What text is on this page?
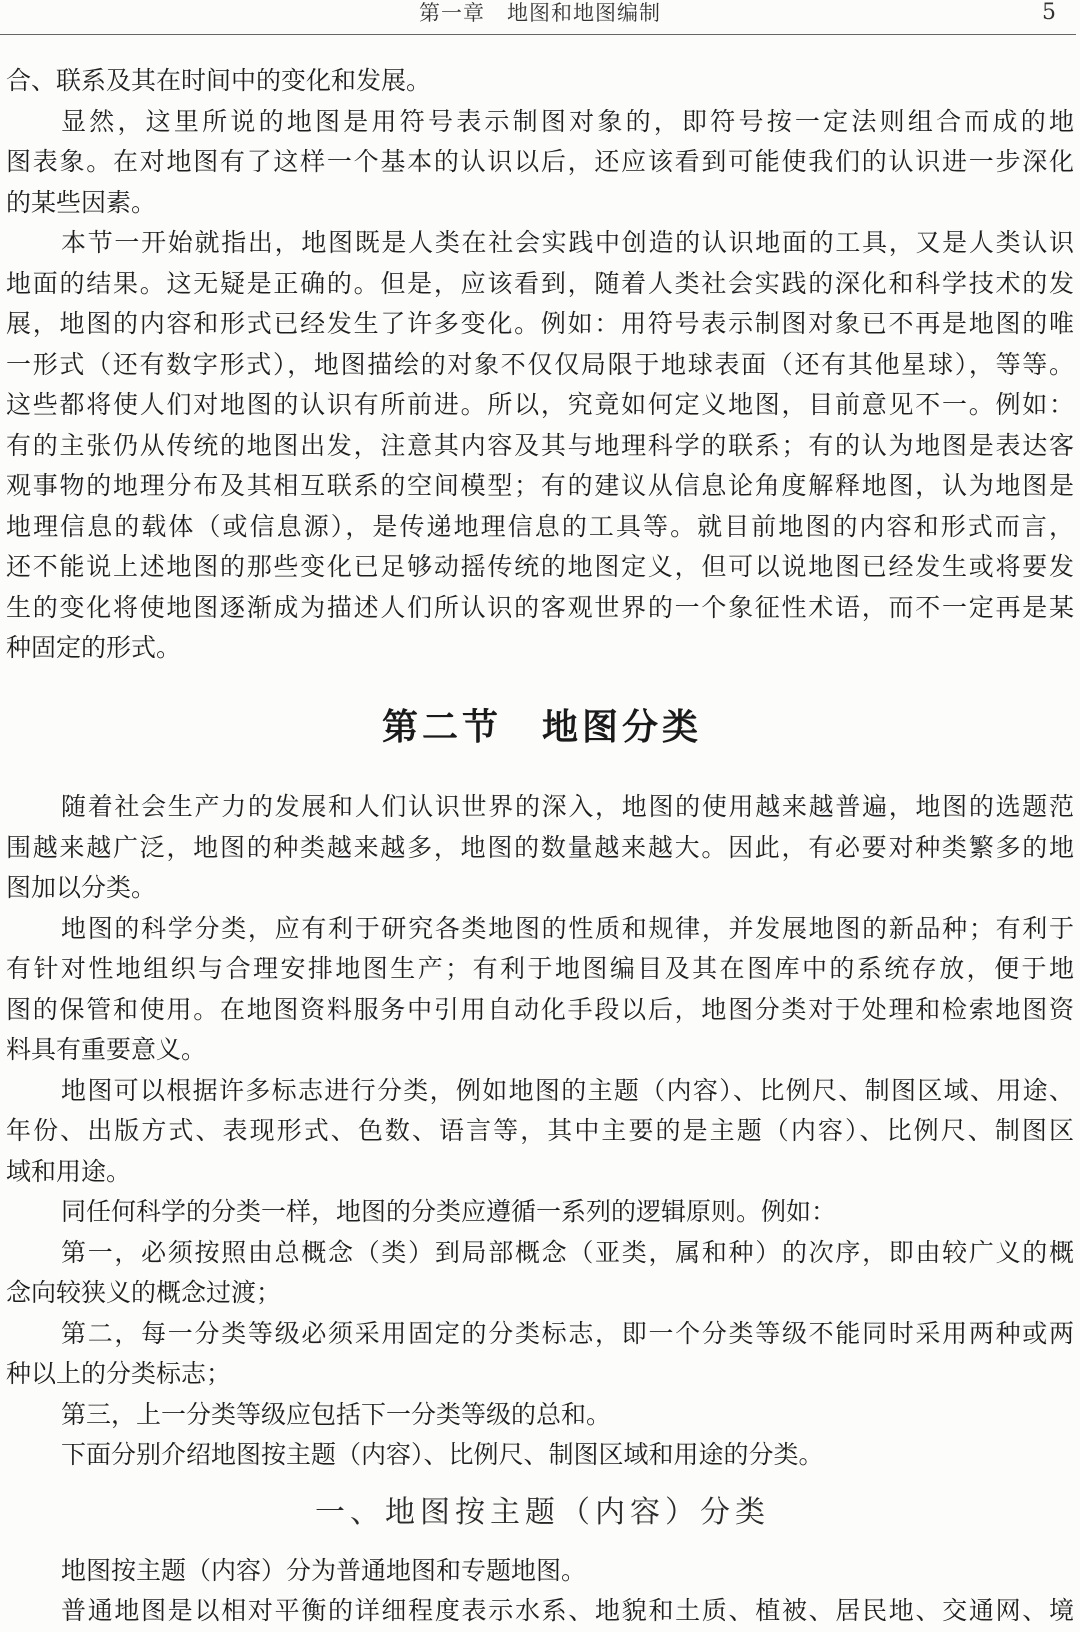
第一章　地图和地图编制	5
合、联系及其在时间中的变化和发展。
显然，这里所说的地图是用符号表示制图对象的，即符号按一定法则组合而成的地
图表象。在对地图有了这样一个基本的认识以后，还应该看到可能使我们的认识进一步深化
的某些因素。
本节一开始就指出，地图既是人类在社会实践中创造的认识地面的工具，又是人类认识
地面的结果。这无疑是正确的。但是，应该看到，随着人类社会实践的深化和科学技术的发
展，地图的内容和形式已经发生了许多变化。例如：用符号表示制图对象已不再是地图的唯
一形式（还有数字形式），地图描绘的对象不仅仅局限于地球表面（还有其他星球），等等。
这些都将使人们对地图的认识有所前进。所以，究竟如何定义地图，目前意见不一。例如：
有的主张仍从传统的地图出发，注意其内容及其与地理科学的联系；有的认为地图是表达客
观事物的地理分布及其相互联系的空间模型；有的建议从信息论角度解释地图，认为地图是
地理信息的载体（或信息源），是传递地理信息的工具等。就目前地图的内容和形式而言，
还不能说上述地图的那些变化已足够动摇传统的地图定义，但可以说地图已经发生或将要发
生的变化将使地图逐渐成为描述人们所认识的客观世界的一个象征性术语，而不一定再是某
种固定的形式。
第二节　地图分类
随着社会生产力的发展和人们认识世界的深入，地图的使用越来越普遍，地图的选题范
围越来越广泛，地图的种类越来越多，地图的数量越来越大。因此，有必要对种类繁多的地
图加以分类。
地图的科学分类，应有利于研究各类地图的性质和规律，并发展地图的新品种；有利于
有针对性地组织与合理安排地图生产；有利于地图编目及其在图库中的系统存放，便于地
图的保管和使用。在地图资料服务中引用自动化手段以后，地图分类对于处理和检索地图资
料具有重要意义。
地图可以根据许多标志进行分类，例如地图的主题（内容）、比例尺、制图区域、用途、
年份、出版方式、表现形式、色数、语言等，其中主要的是主题（内容）、比例尺、制图区
域和用途。
同任何科学的分类一样，地图的分类应遵循一系列的逻辑原则。例如：
第一，必须按照由总概念（类）到局部概念（亚类，属和种）的次序，即由较广义的概
念向较狭义的概念过渡；
第二，每一分类等级必须采用固定的分类标志，即一个分类等级不能同时采用两种或两
种以上的分类标志；
第三，上一分类等级应包括下一分类等级的总和。
下面分别介绍地图按主题（内容）、比例尺、制图区域和用途的分类。
一、地图按主题（内容）分类
地图按主题（内容）分为普通地图和专题地图。
普通地图是以相对平衡的详细程度表示水系、地貌和土质、植被、居民地、交通网、境
